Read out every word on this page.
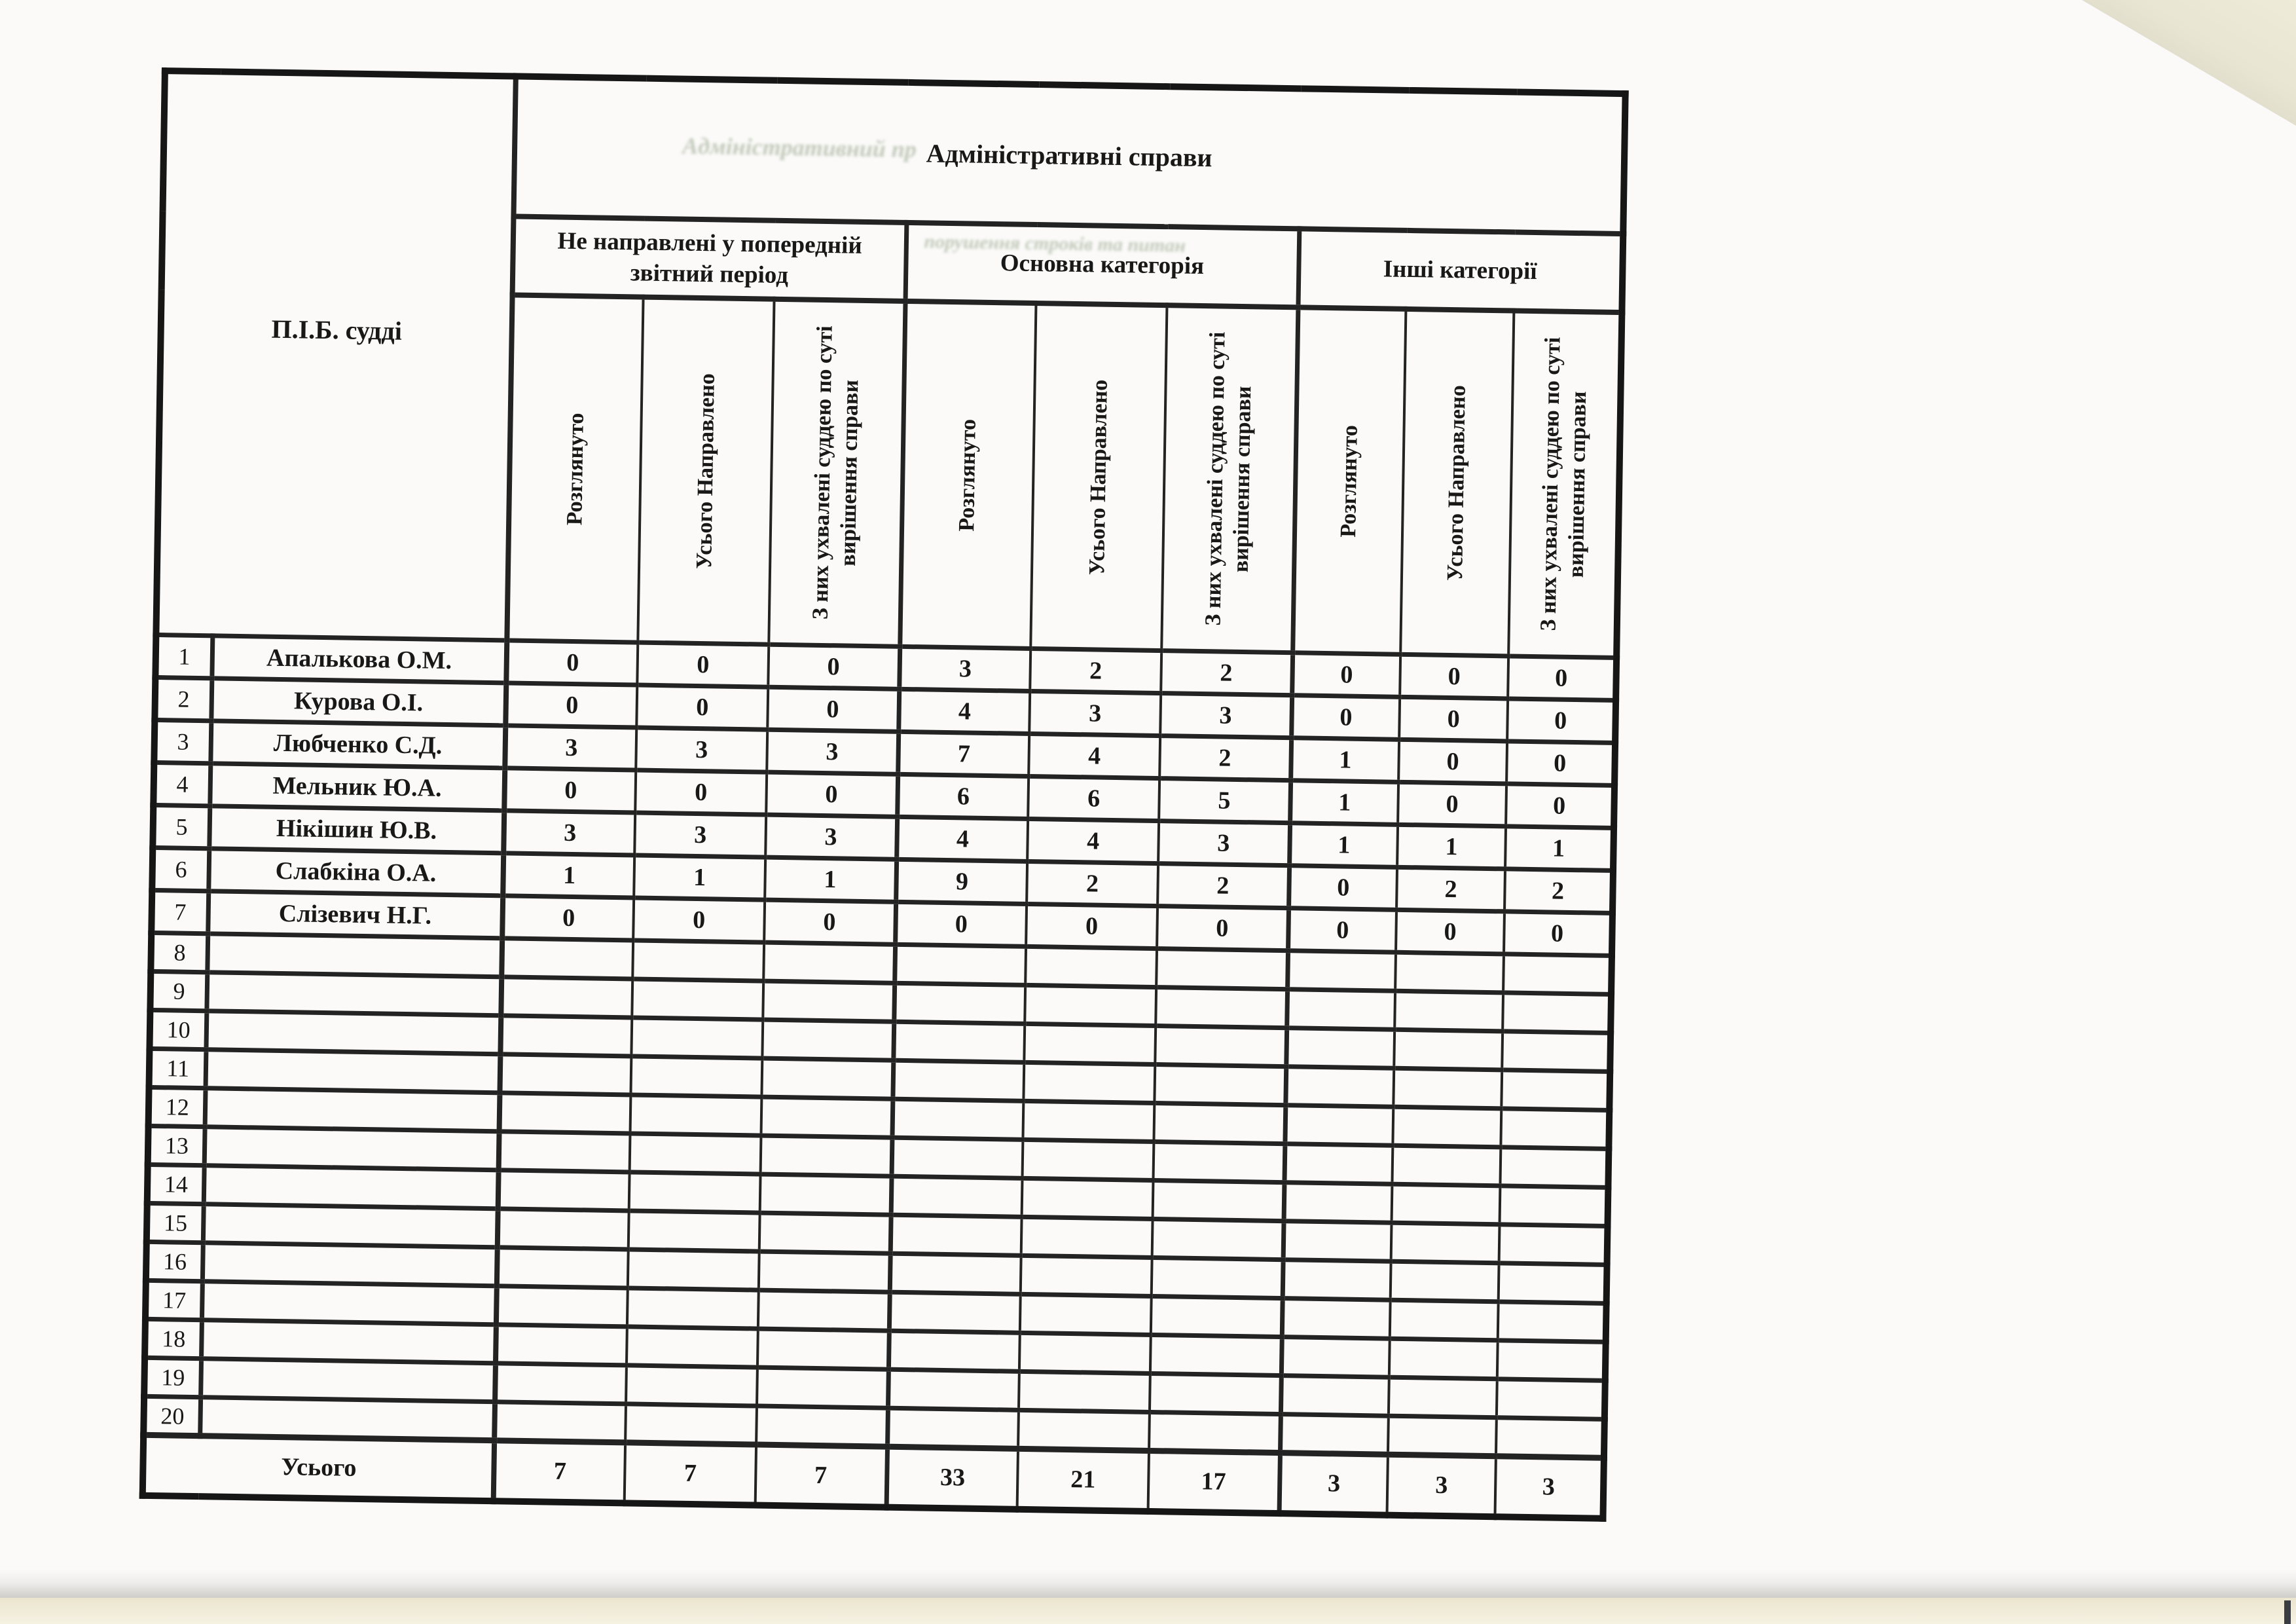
П.І.Б. судді		Адміністративний пр Адміністративні справи								
		Не направлені у попередній звітний період			порушення строків та питан
Основна категорія			Інші категорії		

		Розглянуто	Усього Направлено	З них ухвалені суддею по суті вирішення справи	Розглянуто	Усього Направлено	З них ухвалені суддею по суті вирішення справи	Розглянуто	Усього Направлено	З них ухвалені суддею по суті вирішення справи

1	Апалькова О.М.	0	0	0	3	2	2	0	0	0
2	Курова О.І.	0	0	0	4	3	3	0	0	0
3	Любченко С.Д.	3	3	3	7	4	2	1	0	0
4	Мельник Ю.А.	0	0	0	6	6	5	1	0	0
5	Нікішин Ю.В.	3	3	3	4	4	3	1	1	1
6	Слабкіна О.А.	1	1	1	9	2	2	0	2	2
7	Слізевич Н.Г.	0	0	0	0	0	0	0	0	0
8										
9										
10										
11										
12										
13										
14										
15										
16										
17										
18										
19										
20										
Усього		7	7	7	33	21	17	3	3	3
